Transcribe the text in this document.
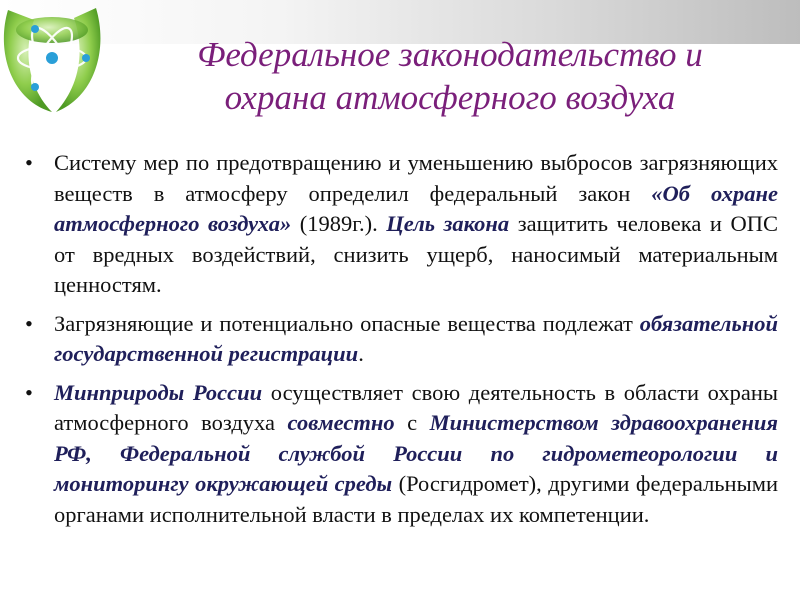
Федеральное законодательство и
охрана атмосферного воздуха
• Систему мер по предотвращению и уменьшению выбросов загрязняющих веществ в атмосферу определил федеральный закон «Об охране атмосферного воздуха» (1989г.). Цель закона защитить человека и ОПС от вредных воздействий, снизить ущерб, наносимый материальным ценностям.
• Загрязняющие и потенциально опасные вещества подлежат обязательной государственной регистрации.
• Минприроды России осуществляет свою деятельность в области охраны атмосферного воздуха совместно с Министерством здравоохранения РФ, Федеральной службой России по гидрометеорологии и мониторингу окружающей среды (Росгидромет), другими федеральными органами исполнительной власти в пределах их компетенции.
